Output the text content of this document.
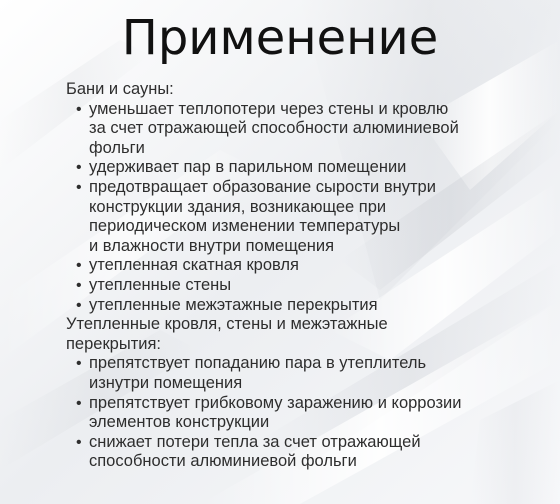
Применение
Бани и сауны:
• уменьшает теплопотери через стены и кровлю
за счет отражающей способности алюминиевой
фольги
• удерживает пар в парильном помещении
• предотвращает образование сырости внутри
конструкции здания, возникающее при
периодическом изменении температуры
и влажности внутри помещения
• утепленная скатная кровля
• утепленные стены
• утепленные межэтажные перекрытия
Утепленные кровля, стены и межэтажные
перекрытия:
• препятствует попаданию пара в утеплитель
изнутри помещения
• препятствует грибковому заражению и коррозии
элементов конструкции
• снижает потери тепла за счет отражающей
способности алюминиевой фольги
